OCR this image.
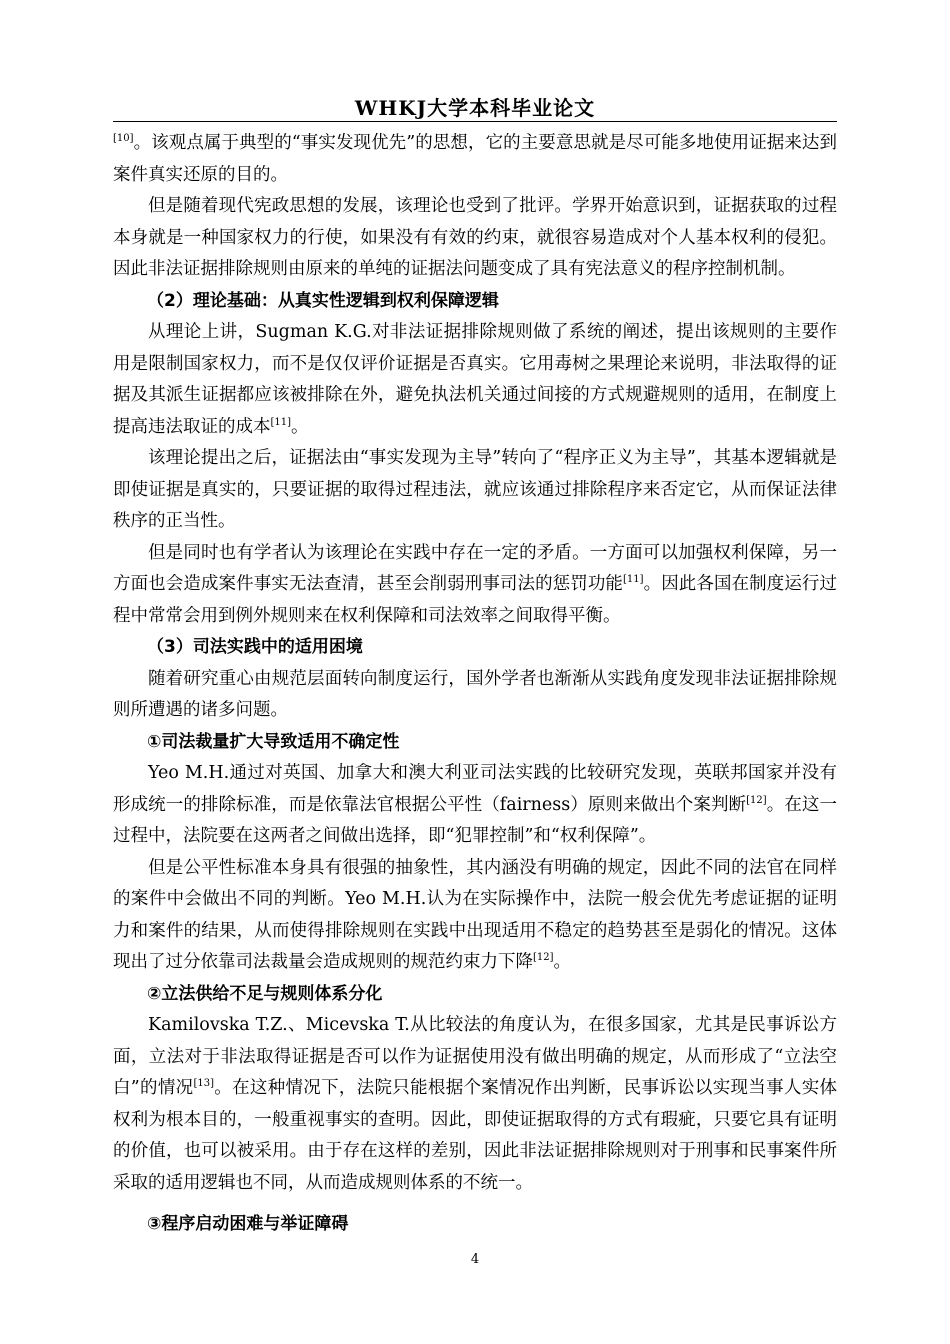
WHKJ大学本科毕业论文

[10]。该观点属于典型的“事实发现优先”的思想，它的主要意思就是尽可能多地使用证据来达到案件真实还原的目的。

但是随着现代宪政思想的发展，该理论也受到了批评。学界开始意识到，证据获取的过程本身就是一种国家权力的行使，如果没有有效的约束，就很容易造成对个人基本权利的侵犯。因此非法证据排除规则由原来的单纯的证据法问题变成了具有宪法意义的程序控制机制。

（2）理论基础：从真实性逻辑到权利保障逻辑

从理论上讲，Sugman K.G.对非法证据排除规则做了系统的阐述，提出该规则的主要作用是限制国家权力，而不是仅仅评价证据是否真实。它用毒树之果理论来说明，非法取得的证据及其派生证据都应该被排除在外，避免执法机关通过间接的方式规避规则的适用，在制度上提高违法取证的成本[11]。

该理论提出之后，证据法由“事实发现为主导”转向了“程序正义为主导”，其基本逻辑就是即使证据是真实的，只要证据的取得过程违法，就应该通过排除程序来否定它，从而保证法律秩序的正当性。

但是同时也有学者认为该理论在实践中存在一定的矛盾。一方面可以加强权利保障，另一方面也会造成案件事实无法查清，甚至会削弱刑事司法的惩罚功能[11]。因此各国在制度运行过程中常常会用到例外规则来在权利保障和司法效率之间取得平衡。

（3）司法实践中的适用困境

随着研究重心由规范层面转向制度运行，国外学者也渐渐从实践角度发现非法证据排除规则所遭遇的诸多问题。

①司法裁量扩大导致适用不确定性

Yeo M.H.通过对英国、加拿大和澳大利亚司法实践的比较研究发现，英联邦国家并没有形成统一的排除标准，而是依靠法官根据公平性（fairness）原则来做出个案判断[12]。在这一过程中，法院要在这两者之间做出选择，即“犯罪控制”和“权利保障”。

但是公平性标准本身具有很强的抽象性，其内涵没有明确的规定，因此不同的法官在同样的案件中会做出不同的判断。Yeo M.H.认为在实际操作中，法院一般会优先考虑证据的证明力和案件的结果，从而使得排除规则在实践中出现适用不稳定的趋势甚至是弱化的情况。这体现出了过分依靠司法裁量会造成规则的规范约束力下降[12]。

②立法供给不足与规则体系分化

Kamilovska T.Z.、Micevska T.从比较法的角度认为，在很多国家，尤其是民事诉讼方面，立法对于非法取得证据是否可以作为证据使用没有做出明确的规定，从而形成了“立法空白”的情况[13]。在这种情况下，法院只能根据个案情况作出判断，民事诉讼以实现当事人实体权利为根本目的，一般重视事实的查明。因此，即使证据取得的方式有瑕疵，只要它具有证明的价值，也可以被采用。由于存在这样的差别，因此非法证据排除规则对于刑事和民事案件所采取的适用逻辑也不同，从而造成规则体系的不统一。

③程序启动困难与举证障碍

4
